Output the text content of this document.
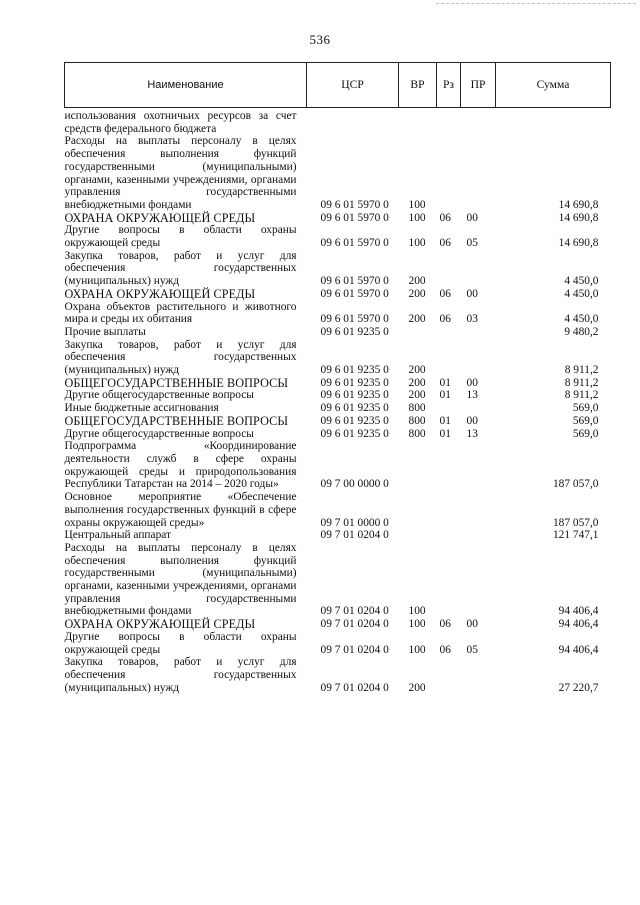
536
Наименование	ЦСР	ВР	Рз	ПР	Сумма
использования охотничьих ресурсов за счет средств федерального бюджета					
Расходы на выплаты персоналу в целях обеспечения выполнения функций государственными (муниципальными) органами, казенными учреждениями, органами управления государственными внебюджетными фондами	09 6 01 5970 0	100			14 690,8
ОХРАНА ОКРУЖАЮЩЕЙ СРЕДЫ	09 6 01 5970 0	100	06	00	14 690,8
Другие вопросы в области охраны окружающей среды	09 6 01 5970 0	100	06	05	14 690,8
Закупка товаров, работ и услуг для обеспечения государственных (муниципальных) нужд	09 6 01 5970 0	200			4 450,0
ОХРАНА ОКРУЖАЮЩЕЙ СРЕДЫ	09 6 01 5970 0	200	06	00	4 450,0
Охрана объектов растительного и животного мира и среды их обитания	09 6 01 5970 0	200	06	03	4 450,0
Прочие выплаты	09 6 01 9235 0				9 480,2
Закупка товаров, работ и услуг для обеспечения государственных (муниципальных) нужд	09 6 01 9235 0	200			8 911,2
ОБЩЕГОСУДАРСТВЕННЫЕ ВОПРОСЫ	09 6 01 9235 0	200	01	00	8 911,2
Другие общегосударственные вопросы	09 6 01 9235 0	200	01	13	8 911,2
Иные бюджетные ассигнования	09 6 01 9235 0	800			569,0
ОБЩЕГОСУДАРСТВЕННЫЕ ВОПРОСЫ	09 6 01 9235 0	800	01	00	569,0
Другие общегосударственные вопросы	09 6 01 9235 0	800	01	13	569,0
Подпрограмма «Координирование деятельности служб в сфере охраны окружающей среды и природопользования Республики Татарстан на 2014 – 2020 годы»	09 7 00 0000 0				187 057,0
Основное мероприятие «Обеспечение выполнения государственных функций в сфере охраны окружающей среды»	09 7 01 0000 0				187 057,0
Центральный аппарат	09 7 01 0204 0				121 747,1
Расходы на выплаты персоналу в целях обеспечения выполнения функций государственными (муниципальными) органами, казенными учреждениями, органами управления государственными внебюджетными фондами	09 7 01 0204 0	100			94 406,4
ОХРАНА ОКРУЖАЮЩЕЙ СРЕДЫ	09 7 01 0204 0	100	06	00	94 406,4
Другие вопросы в области охраны окружающей среды	09 7 01 0204 0	100	06	05	94 406,4
Закупка товаров, работ и услуг для обеспечения государственных (муниципальных) нужд	09 7 01 0204 0	200			27 220,7
